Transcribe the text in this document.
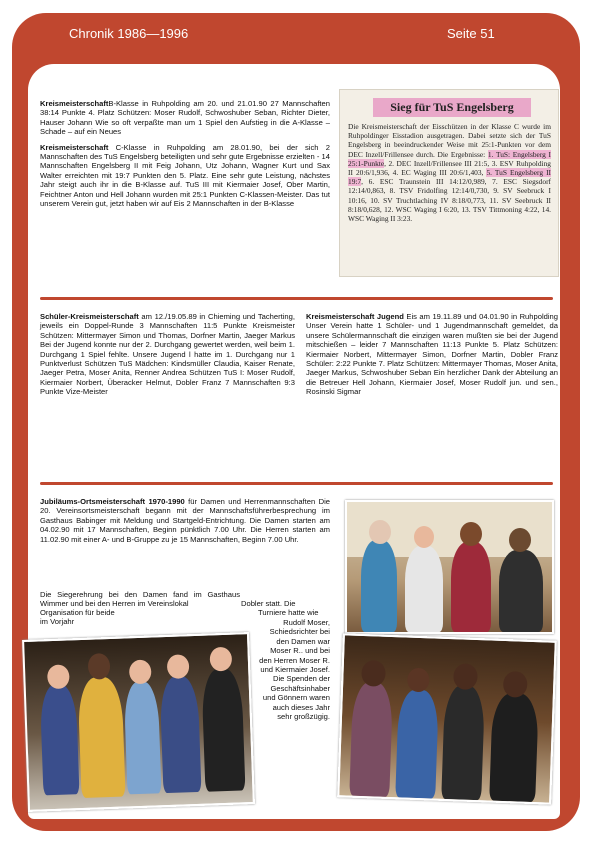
Chronik 1986—1996	Seite 51

KreismeisterschaftB-Klasse in Ruhpolding am 20. und 21.01.90 27 Mannschaften 38:14 Punkte 4. Platz Schützen: Moser Rudolf, Schwoshuber Seban, Richter Dieter, Hauser Johann Wie so oft verpaßte man um 1 Spiel den Aufstieg in die A-Klasse – Schade – auf ein Neues

Kreismeisterschaft C-Klasse in Ruhpolding am 28.01.90, bei der sich 2 Mannschaften des TuS Engelsberg beteiligten und sehr gute Ergebnisse erzielten - 14 Mannschaften Engelsberg II mit Feig Johann, Utz Johann, Wagner Kurt und Sax Walter erreichten mit 19:7 Punkten den 5. Platz. Eine sehr gute Leistung, nächstes Jahr steigt auch ihr in die B-Klasse auf. TuS III mit Kiermaier Josef, Ober Martin, Feichtner Anton und Hell Johann wurden mit 25:1 Punkten C-Klassen-Meister. Das tut unserem Verein gut, jetzt haben wir auf Eis 2 Mannschaften in der B-Klasse

Sieg für TuS Engelsberg
Die Kreismeisterschaft der Eisschützen in der Klasse C wurde im Ruhpoldinger Eisstadion ausgetragen. Dabei setzte sich der TuS Engelsberg in beeindruckender Weise mit 25:1-Punkten vor dem DEC Inzell/Frillensee durch. Die Ergebnisse: 1. TuS: Engelsberg I 25:1-Punkte, 2. DEC Inzell/Frillensee III 21:5, 3. ESV Ruhpolding II 20:6/1,936, 4. EC Waging III 20:6/1,403, 5. TuS Engelsberg II 19:7, 6. ESC Traunstein III 14:12/0,989, 7. ESC Siegsdorf 12:14/0,863, 8. TSV Fridolfing 12:14/0,730, 9. SV Seebruck I 10:16, 10. SV Truchtlaching IV 8:18/0,773, 11. SV Seebruck II 8:18/0,628, 12. WSC Waging I 6:20, 13. TSV Tittmoning 4:22, 14. WSC Waging II 3:23.
Schüler-Kreismeisterschaft am 12./19.05.89 in Chieming und Tacherting, jeweils ein Doppel-Runde 3 Mannschaften 11:5 Punkte Kreismeister Schützen: Mittermayer Simon und Thomas, Dorfner Martin, Jaeger Markus Bei der Jugend konnte nur der 2. Durchgang gewertet werden, weil beim 1. Durchgang 1 Spiel fehlte. Unsere Jugend l hatte im 1. Durchgang nur 1 Punktverlust Schützen TuS Mädchen: Kindsmüller Claudia, Kaiser Renate, Jaeger Petra, Moser Anita, Renner Andrea Schützen TuS I: Moser Rudolf, Kiermaier Norbert, Überacker Helmut, Dobler Franz 7 Mannschaften 9:3 Punkte Vize-Meister
Kreismeisterschaft Jugend Eis am 19.11.89 und 04.01.90 in Ruhpolding Unser Verein hatte 1 Schüler- und 1 Jugendmannschaft gemeldet, da unsere Schülermannschaft die einzigen waren mußten sie bei der Jugend mitschießen – leider 7 Mannschaften 11:13 Punkte 5. Platz Schützen: Kiermaier Norbert, Mittermayer Simon, Dorfner Martin, Dobler Franz Schüler: 2:22 Punkte 7. Platz Schützen: Mittermayer Thomas, Moser Anita, Jaeger Markus, Schwoshuber Seban Ein herzlicher Dank der Abteilung an die Betreuer Hell Johann, Kiermaier Josef, Moser Rudolf jun. und sen., Rosinski Sigmar
Jubiläums-Ortsmeisterschaft 1970-1990 für Damen und Herrenmannschaften Die 20. Vereinsortsmeisterschaft begann mit der Mannschaftsführerbesprechung im Gasthaus Babinger mit Meldung und Startgeld-Entrichtung. Die Damen starten am 04.02.90 mit 17 Mannschaften, Beginn pünktlich 7.00 Uhr. Die Herren starten am 11.02.90 mit einer A- und B-Gruppe zu je 15 Mannschaften, Beginn 7.00 Uhr.
Die Siegerehrung bei den Damen fand im Gasthaus Wimmer und bei den Herren im Vereinslokal	Dobler statt. Die
Organisation für beide	Turniere hatte wie
im Vorjahr	Rudolf Moser, Schiedsrichter bei den Damen war Moser R.. und bei den Herren Moser R. und Kiermaier Josef. Die Spenden der Geschäftsinhaber und Gönnern waren auch dieses Jahr sehr großzügig.
